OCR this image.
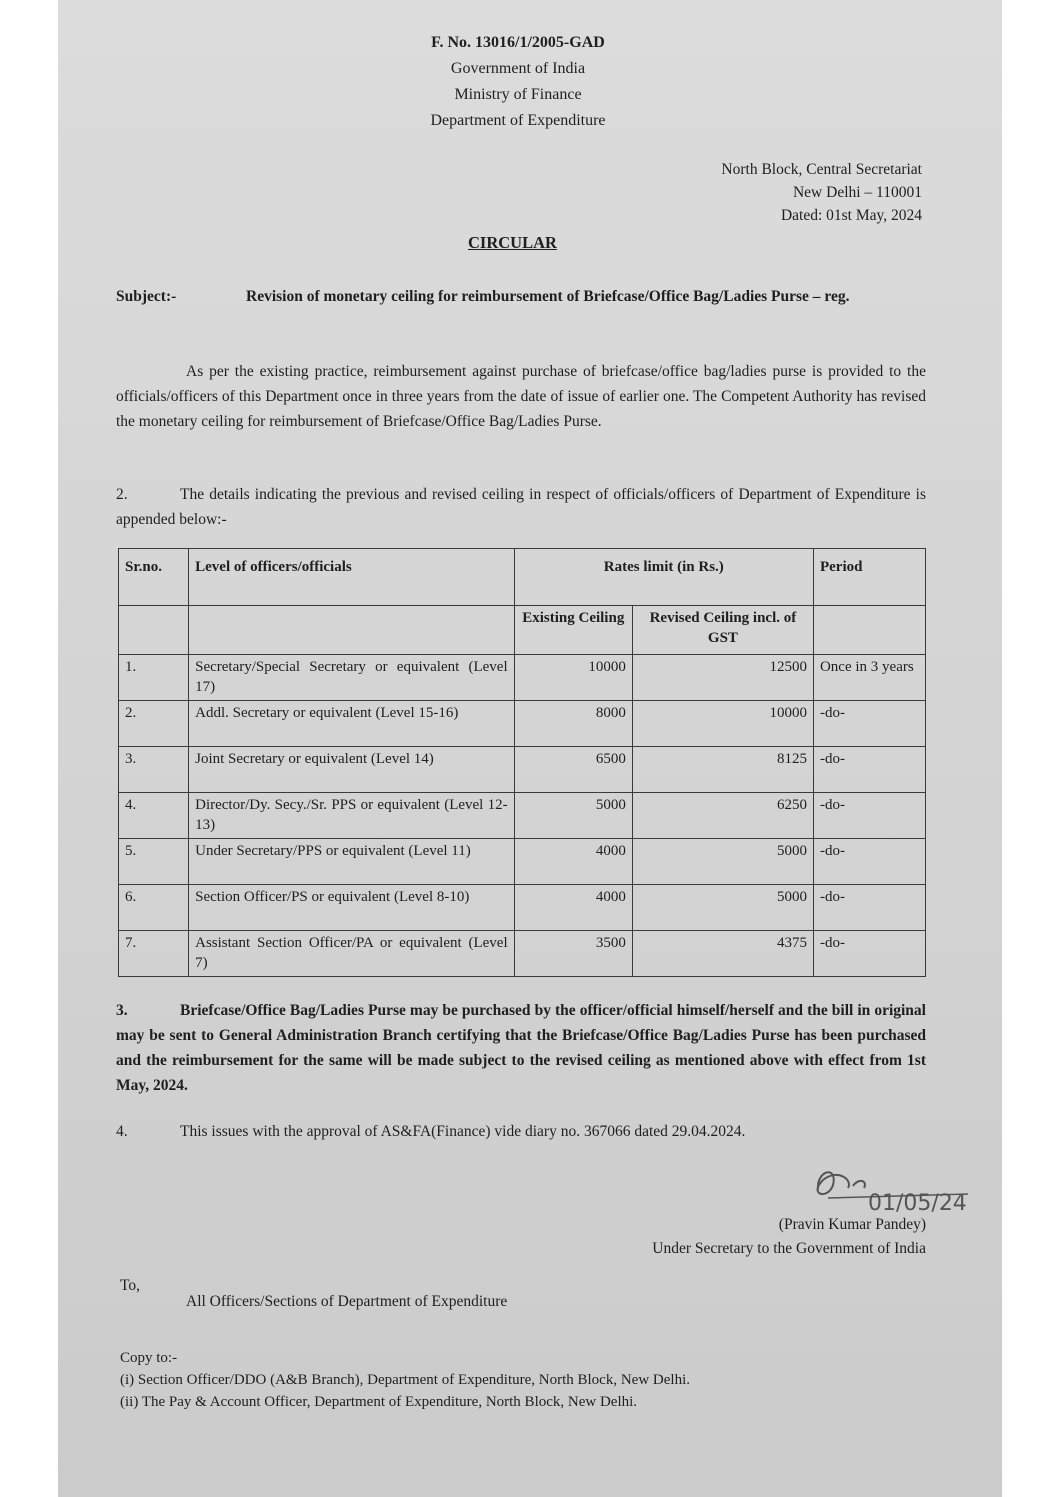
F. No. 13016/1/2005-GAD
Government of India
Ministry of Finance
Department of Expenditure
North Block, Central Secretariat
New Delhi – 110001
Dated: 01st May, 2024
CIRCULAR
Subject:-	Revision of monetary ceiling for reimbursement of Briefcase/Office Bag/Ladies Purse – reg.
As per the existing practice, reimbursement against purchase of briefcase/office bag/ladies purse is provided to the officials/officers of this Department once in three years from the date of issue of earlier one. The Competent Authority has revised the monetary ceiling for reimbursement of Briefcase/Office Bag/Ladies Purse.
2.	The details indicating the previous and revised ceiling in respect of officials/officers of Department of Expenditure is appended below:-
Sr.no.	Level of officers/officials	Rates limit (in Rs.)		Period
		Existing Ceiling	Revised Ceiling incl. of GST	
1.	Secretary/Special Secretary or equivalent (Level 17)	10000	12500	Once in 3 years
2.	Addl. Secretary or equivalent (Level 15-16)	8000	10000	-do-
3.	Joint Secretary or equivalent (Level 14)	6500	8125	-do-
4.	Director/Dy. Secy./Sr. PPS or equivalent (Level 12-13)	5000	6250	-do-
5.	Under Secretary/PPS or equivalent (Level 11)	4000	5000	-do-
6.	Section Officer/PS or equivalent (Level 8-10)	4000	5000	-do-
7.	Assistant Section Officer/PA or equivalent (Level 7)	3500	4375	-do-
3.	Briefcase/Office Bag/Ladies Purse may be purchased by the officer/official himself/herself and the bill in original may be sent to General Administration Branch certifying that the Briefcase/Office Bag/Ladies Purse has been purchased and the reimbursement for the same will be made subject to the revised ceiling as mentioned above with effect from 1st May, 2024.
4.	This issues with the approval of AS&FA(Finance) vide diary no. 367066 dated 29.04.2024.
01/05/24
(Pravin Kumar Pandey)
Under Secretary to the Government of India
To,
All Officers/Sections of Department of Expenditure
Copy to:-
(i) Section Officer/DDO (A&B Branch), Department of Expenditure, North Block, New Delhi.
(ii) The Pay & Account Officer, Department of Expenditure, North Block, New Delhi.
